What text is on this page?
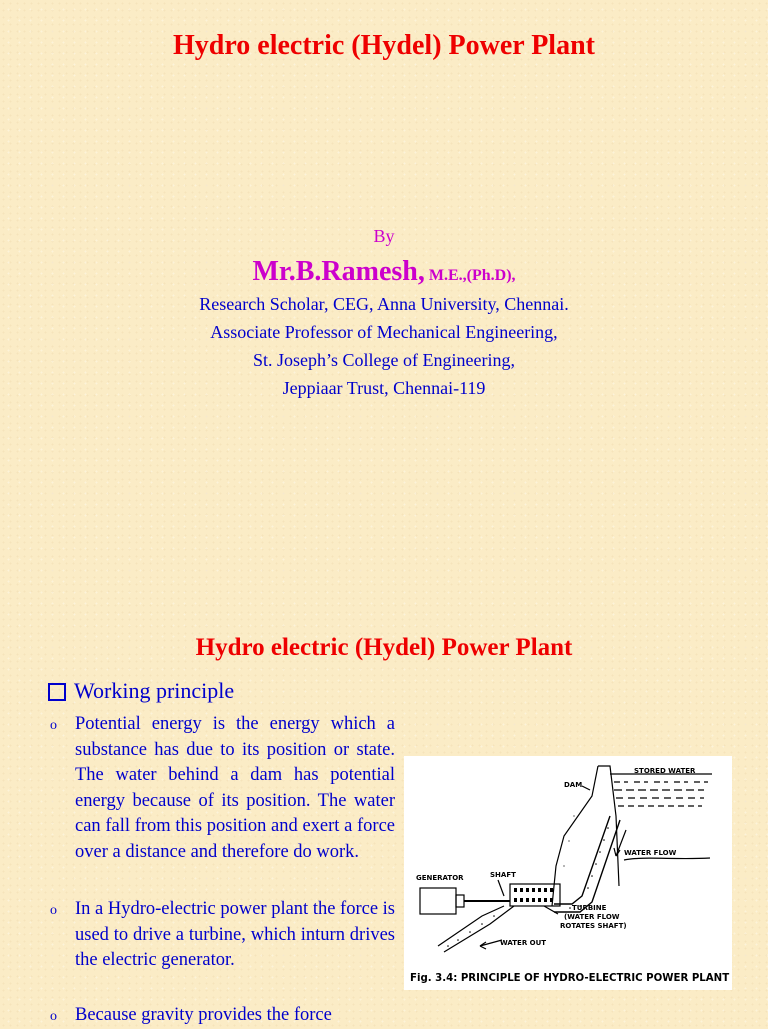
Hydro electric (Hydel) Power Plant
By
Mr.B.Ramesh, M.E.,(Ph.D),
Research Scholar, CEG, Anna University, Chennai.
Associate Professor of Mechanical Engineering,
St. Joseph’s College of Engineering,
Jeppiaar Trust, Chennai-119
Hydro electric (Hydel) Power Plant
Working principle
o Potential energy is the energy which a substance has due to its position or state. The water behind a dam has potential energy because of its position. The water can fall from this position and exert a force over a distance and therefore do work.
o In a Hydro-electric power plant the force is used to drive a turbine, which inturn drives the electric generator.
o Because gravity provides the force
STORED WATER
DAM
WATER FLOW
GENERATOR	SHAFT
TURBINE
(WATER FLOW
ROTATES SHAFT)
WATER OUT
Fig. 3.4: PRINCIPLE OF HYDRO-ELECTRIC POWER PLANT
